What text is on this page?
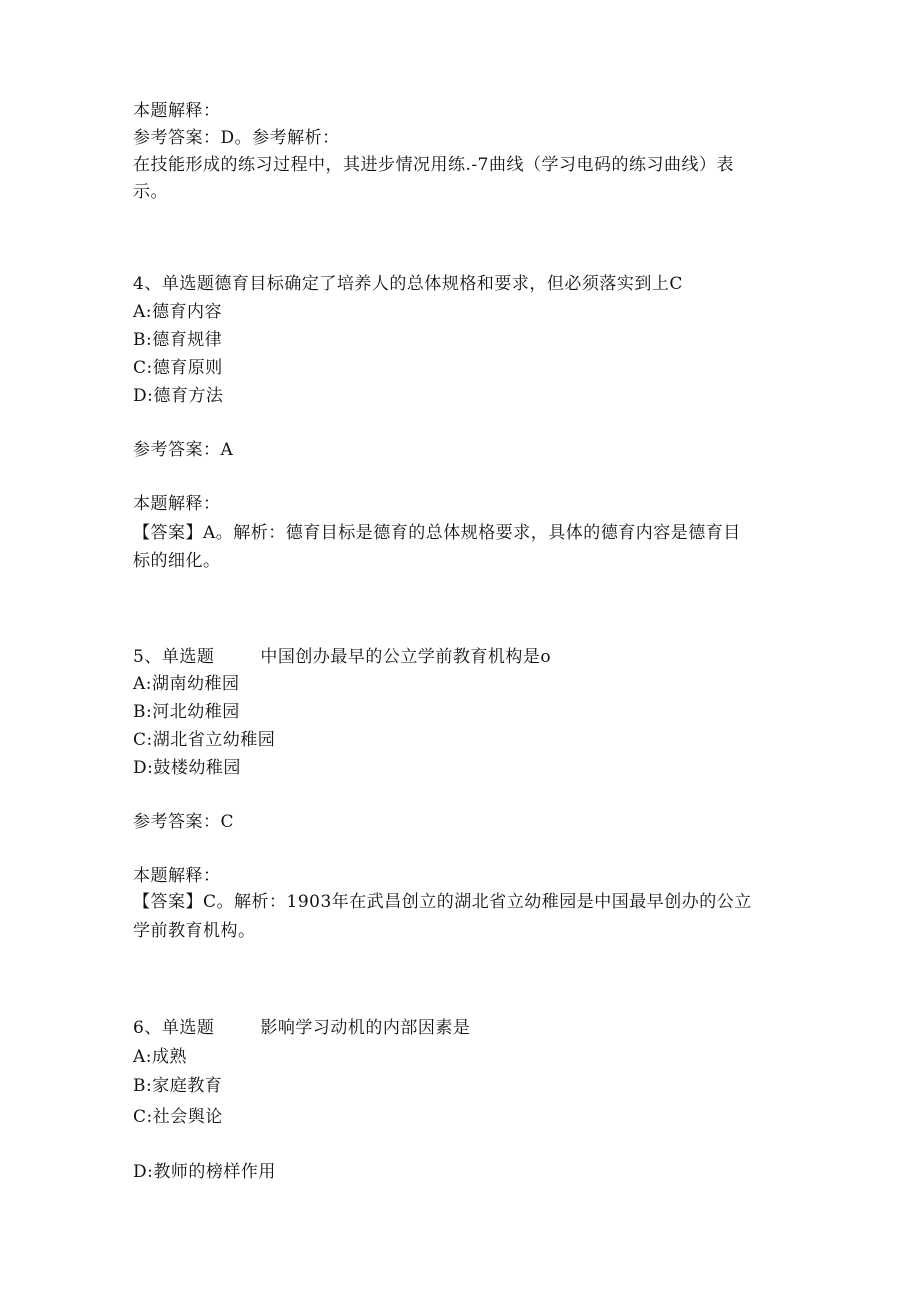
本题解释：
参考答案：D。参考解析：
在技能形成的练习过程中，其进步情况用练.-7曲线（学习电码的练习曲线）表
示。
4、单选题德育目标确定了培养人的总体规格和要求，但必须落实到上C
A:德育内容
B:德育规律
C:德育原则
D:德育方法
参考答案：A
本题解释：
【答案】A。解析：德育目标是德育的总体规格要求，具体的德育内容是德育目
标的细化。
5、单选题	中国创办最早的公立学前教育机构是o
A:湖南幼稚园
B:河北幼稚园
C:湖北省立幼稚园
D:鼓楼幼稚园
参考答案：C
本题解释：
【答案】C。解析：1903年在武昌创立的湖北省立幼稚园是中国最早创办的公立
学前教育机构。
6、单选题	影响学习动机的内部因素是
A:成熟
B:家庭教育
C:社会舆论
D:教师的榜样作用
